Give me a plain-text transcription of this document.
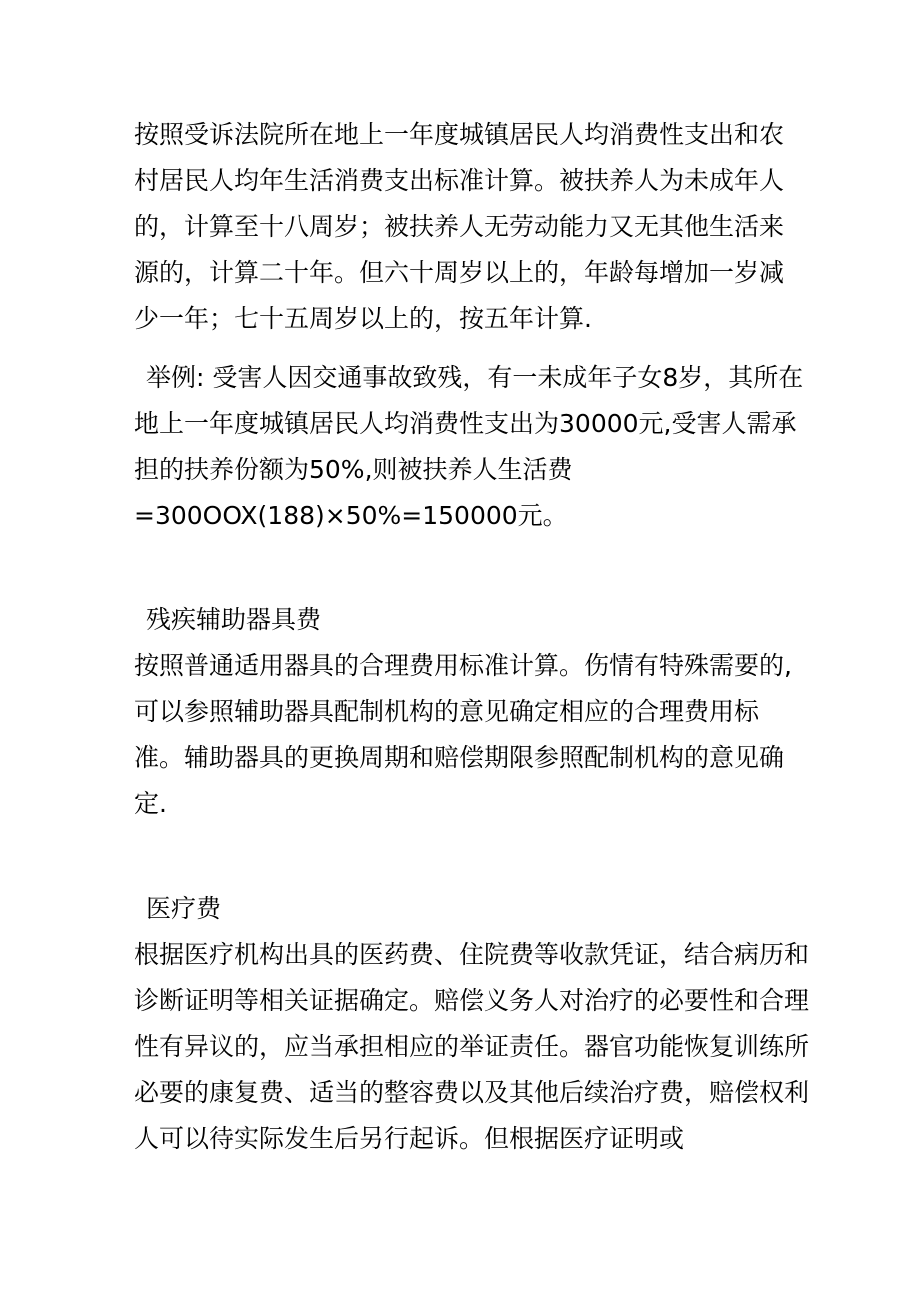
按照受诉法院所在地上一年度城镇居民人均消费性支出和农
村居民人均年生活消费支出标准计算。被扶养人为未成年人
的，计算至十八周岁；被扶养人无劳动能力又无其他生活来
源的，计算二十年。但六十周岁以上的，年龄每增加一岁减
少一年；七十五周岁以上的，按五年计算.
举例: 受害人因交通事故致残，有一未成年子女8岁，其所在
地上一年度城镇居民人均消费性支出为30000元,受害人需承
担的扶养份额为50%,则被扶养人生活费
=300OOX(188)×50%=150000元。
残疾辅助器具费
按照普通适用器具的合理费用标准计算。伤情有特殊需要的,
可以参照辅助器具配制机构的意见确定相应的合理费用标
准。辅助器具的更换周期和赔偿期限参照配制机构的意见确
定.
医疗费
根据医疗机构出具的医药费、住院费等收款凭证，结合病历和
诊断证明等相关证据确定。赔偿义务人对治疗的必要性和合理
性有异议的，应当承担相应的举证责任。器官功能恢复训练所
必要的康复费、适当的整容费以及其他后续治疗费，赔偿权利
人可以待实际发生后另行起诉。但根据医疗证明或
